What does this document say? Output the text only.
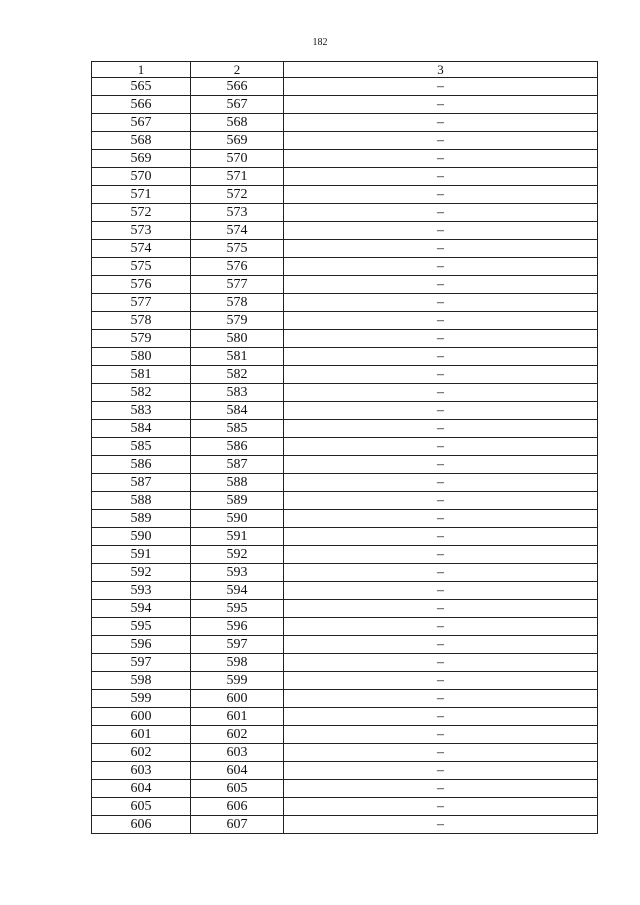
182
1	2	3
565	566	–
566	567	–
567	568	–
568	569	–
569	570	–
570	571	–
571	572	–
572	573	–
573	574	–
574	575	–
575	576	–
576	577	–
577	578	–
578	579	–
579	580	–
580	581	–
581	582	–
582	583	–
583	584	–
584	585	–
585	586	–
586	587	–
587	588	–
588	589	–
589	590	–
590	591	–
591	592	–
592	593	–
593	594	–
594	595	–
595	596	–
596	597	–
597	598	–
598	599	–
599	600	–
600	601	–
601	602	–
602	603	–
603	604	–
604	605	–
605	606	–
606	607	–
